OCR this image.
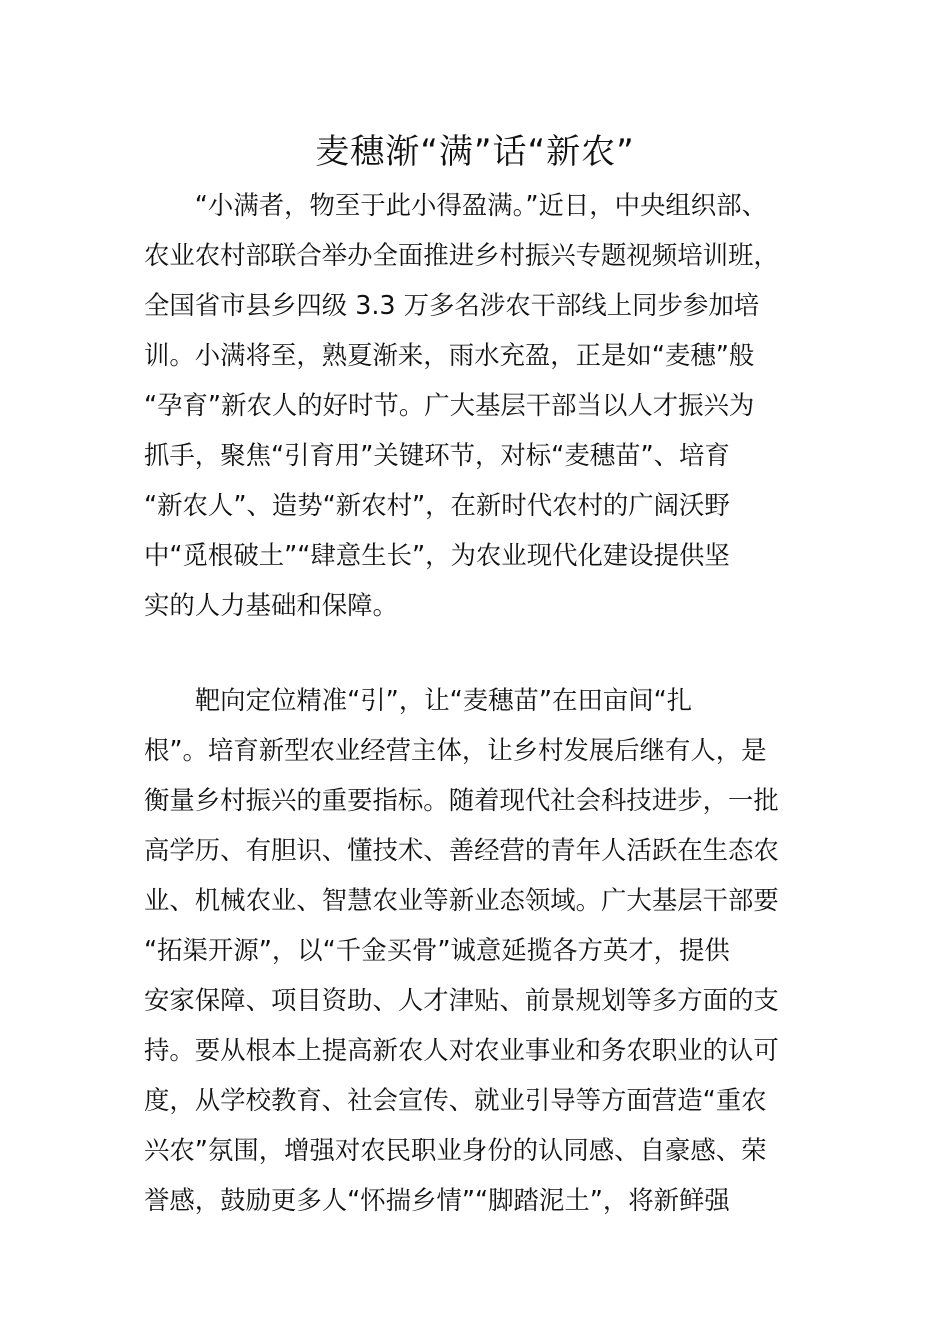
麦穗渐“满”话“新农”
　　“小满者，物至于此小得盈满。”近日，中央组织部、
农业农村部联合举办全面推进乡村振兴专题视频培训班，
全国省市县乡四级 3.3 万多名涉农干部线上同步参加培
训。小满将至，熟夏渐来，雨水充盈，正是如“麦穗”般
“孕育”新农人的好时节。广大基层干部当以人才振兴为
抓手，聚焦“引育用”关键环节，对标“麦穗苗”、培育
“新农人”、造势“新农村”，在新时代农村的广阔沃野
中“觅根破土”“肆意生长”，为农业现代化建设提供坚
实的人力基础和保障。
　　靶向定位精准“引”，让“麦穗苗”在田亩间“扎
根”。培育新型农业经营主体，让乡村发展后继有人，是
衡量乡村振兴的重要指标。随着现代社会科技进步，一批
高学历、有胆识、懂技术、善经营的青年人活跃在生态农
业、机械农业、智慧农业等新业态领域。广大基层干部要
“拓渠开源”，以“千金买骨”诚意延揽各方英才，提供
安家保障、项目资助、人才津贴、前景规划等多方面的支
持。要从根本上提高新农人对农业事业和务农职业的认可
度，从学校教育、社会宣传、就业引导等方面营造“重农
兴农”氛围，增强对农民职业身份的认同感、自豪感、荣
誉感，鼓励更多人“怀揣乡情”“脚踏泥土”，将新鲜强
